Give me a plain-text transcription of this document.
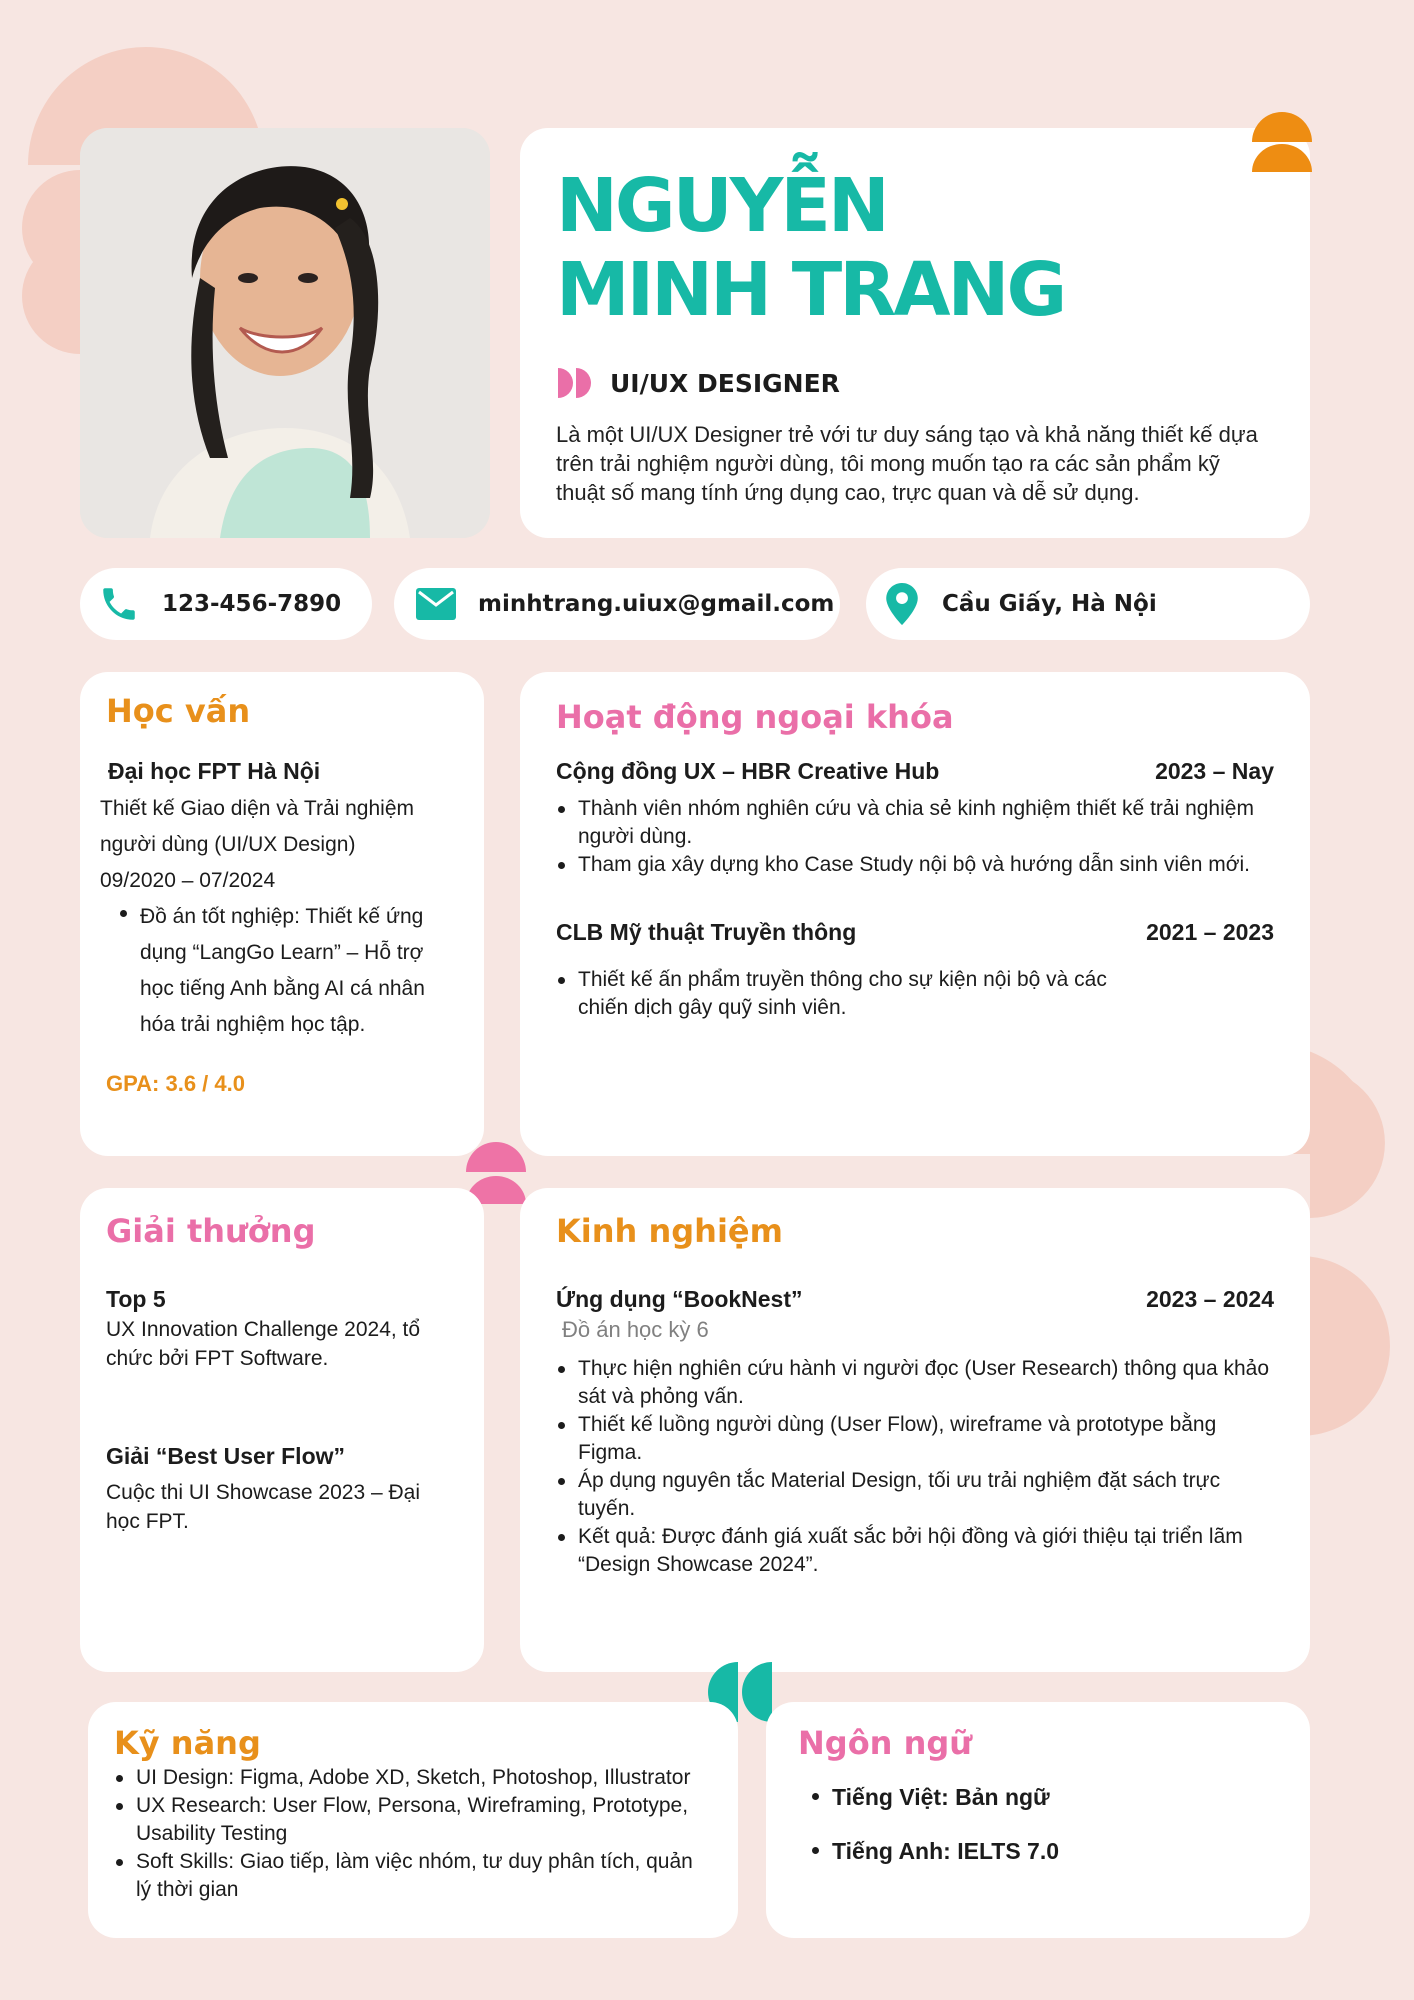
NGUYỄN
MINH TRANG
UI/UX DESIGNER

Là một UI/UX Designer trẻ với tư duy sáng tạo và khả năng thiết kế dựa trên trải nghiệm người dùng, tôi mong muốn tạo ra các sản phẩm kỹ thuật số mang tính ứng dụng cao, trực quan và dễ sử dụng.

123-456-7890	minhtrang.uiux@gmail.com	Cầu Giấy, Hà Nội
Học vấn
Đại học FPT Hà Nội
Thiết kế Giao diện và Trải nghiệm người dùng (UI/UX Design)
09/2020 – 07/2024
Đồ án tốt nghiệp: Thiết kế ứng dụng “LangGo Learn” – Hỗ trợ học tiếng Anh bằng AI cá nhân hóa trải nghiệm học tập.
GPA: 3.6 / 4.0
Hoạt động ngoại khóa
Cộng đồng UX – HBR Creative Hub	2023 – Nay
Thành viên nhóm nghiên cứu và chia sẻ kinh nghiệm thiết kế trải nghiệm người dùng.
Tham gia xây dựng kho Case Study nội bộ và hướng dẫn sinh viên mới.
CLB Mỹ thuật Truyền thông	2021 – 2023
Thiết kế ấn phẩm truyền thông cho sự kiện nội bộ và các chiến dịch gây quỹ sinh viên.
Giải thưởng
Top 5
UX Innovation Challenge 2024, tổ chức bởi FPT Software.
Giải “Best User Flow”
Cuộc thi UI Showcase 2023 – Đại học FPT.
Kinh nghiệm
Ứng dụng “BookNest”	2023 – 2024
Đồ án học kỳ 6
Thực hiện nghiên cứu hành vi người đọc (User Research) thông qua khảo sát và phỏng vấn.
Thiết kế luồng người dùng (User Flow), wireframe và prototype bằng Figma.
Áp dụng nguyên tắc Material Design, tối ưu trải nghiệm đặt sách trực tuyến.
Kết quả: Được đánh giá xuất sắc bởi hội đồng và giới thiệu tại triển lãm “Design Showcase 2024”.
Kỹ năng
UI Design: Figma, Adobe XD, Sketch, Photoshop, Illustrator
UX Research: User Flow, Persona, Wireframing, Prototype, Usability Testing
Soft Skills: Giao tiếp, làm việc nhóm, tư duy phân tích, quản lý thời gian
Ngôn ngữ
Tiếng Việt: Bản ngữ
Tiếng Anh: IELTS 7.0
